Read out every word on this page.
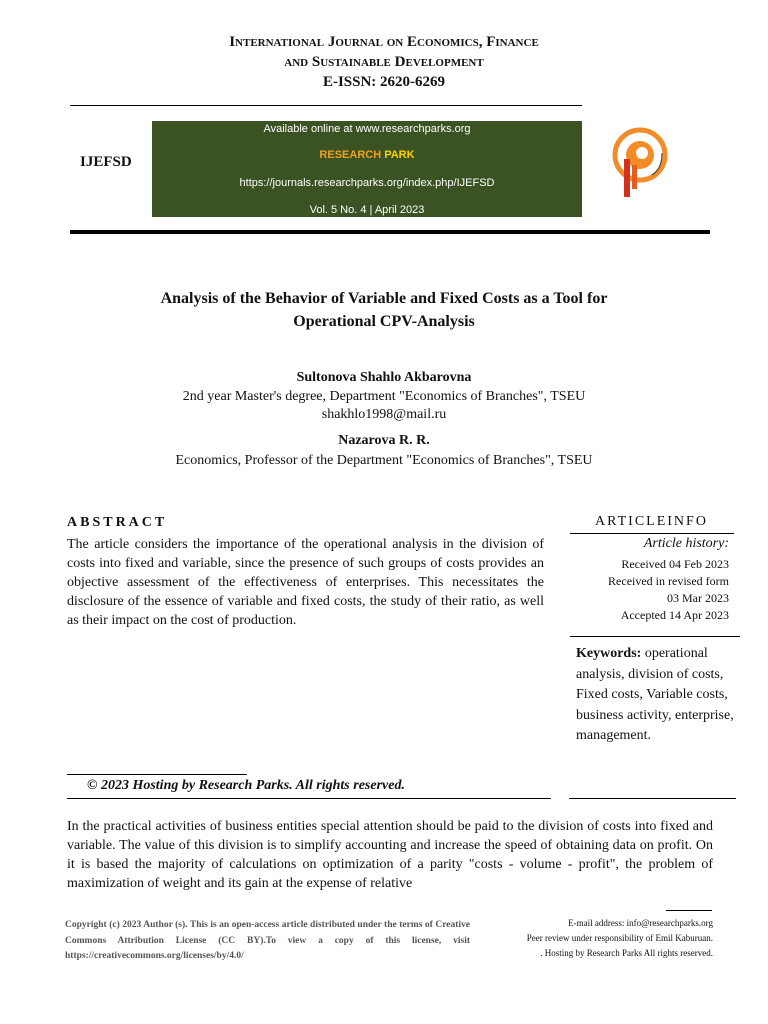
International Journal on Economics, Finance
and Sustainable Development
E-ISSN: 2620-6269
IJEFSD
Available online at www.researchparks.org
RESEARCH PARK
https://journals.researchparks.org/index.php/IJEFSD
Vol. 5 No. 4 | April 2023
Analysis of the Behavior of Variable and Fixed Costs as a Tool for
Operational CPV-Analysis
Sultonova Shahlo Akbarovna
2nd year Master's degree, Department "Economics of Branches", TSEU
shakhlo1998@mail.ru
Nazarova R. R.
Economics, Professor of the Department "Economics of Branches", TSEU
ABSTRACT
The article considers the importance of the operational analysis in the division of costs into fixed and variable, since the presence of such groups of costs provides an objective assessment of the effectiveness of enterprises. This necessitates the disclosure of the essence of variable and fixed costs, the study of their ratio, as well as their impact on the cost of production.
ARTICLEINFO
Article history:
Received 04 Feb 2023
Received in revised form
03 Mar 2023
Accepted 14 Apr 2023
Keywords: operational analysis, division of costs, Fixed costs, Variable costs, business activity, enterprise, management.
© 2023 Hosting by Research Parks. All rights reserved.
In the practical activities of business entities special attention should be paid to the division of costs into fixed and variable. The value of this division is to simplify accounting and increase the speed of obtaining data on profit. On it is based the majority of calculations on optimization of a parity "costs - volume - profit", the problem of maximization of weight and its gain at the expense of relative
Copyright (c) 2023 Author (s). This is an open-access article distributed under the terms of Creative Commons Attribution License (CC BY).To view a copy of this license, visit https://creativecommons.org/licenses/by/4.0/
E-mail address: info@researchparks.org
Peer review under responsibility of Emil Kaburuan.
. Hosting by Research Parks All rights reserved.
